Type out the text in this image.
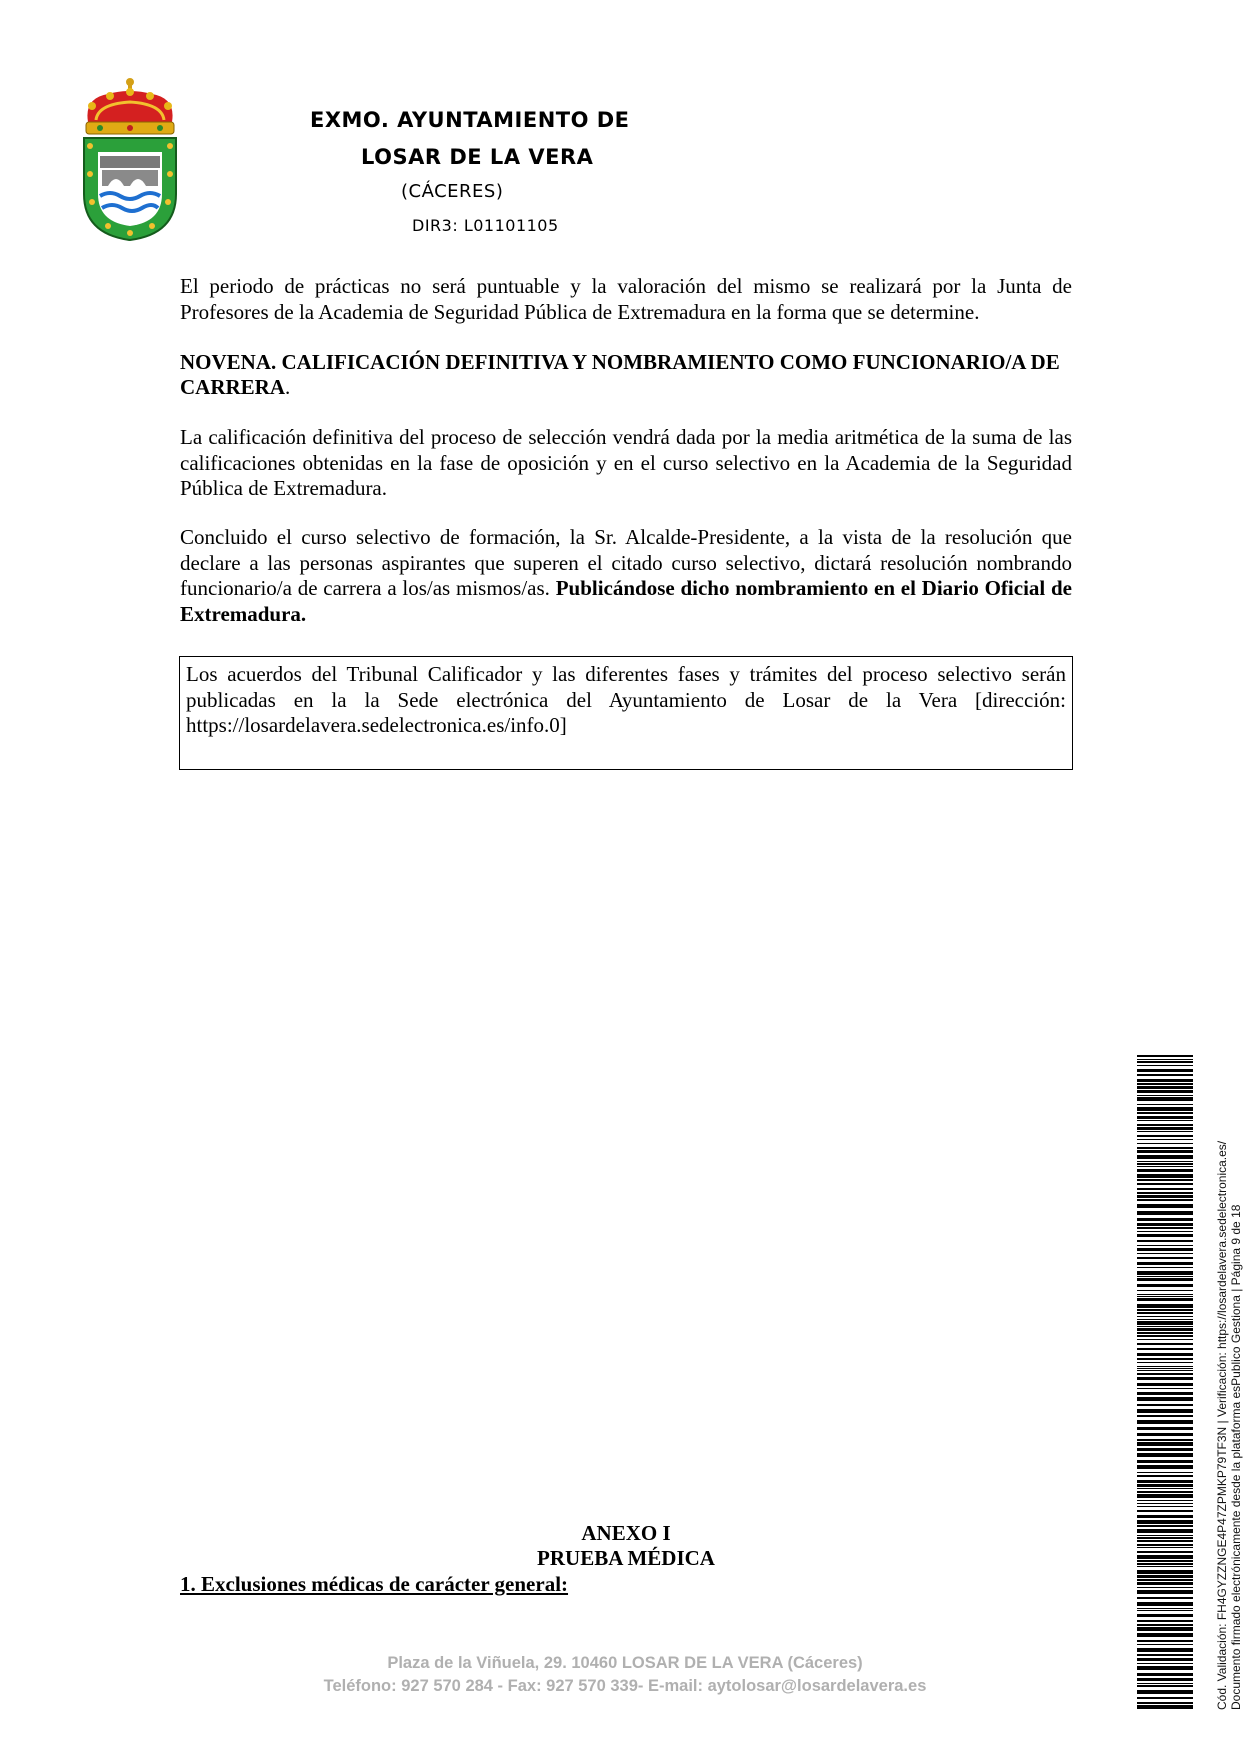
EXMO. AYUNTAMIENTO DE
LOSAR DE LA VERA
(CÁCERES)
DIR3: L01101105
El periodo de prácticas no será puntuable y la valoración del mismo se realizará por la Junta de Profesores de la Academia de Seguridad Pública de Extremadura en la forma que se determine.
NOVENA. CALIFICACIÓN DEFINITIVA Y NOMBRAMIENTO COMO FUNCIONARIO/A DE CARRERA.
La calificación definitiva del proceso de selección vendrá dada por la media aritmética de la suma de las calificaciones obtenidas en la fase de oposición y en el curso selectivo en la Academia de la Seguridad Pública de Extremadura.
Concluido el curso selectivo de formación, la Sr. Alcalde-Presidente, a la vista de la resolución que declare a las personas aspirantes que superen el citado curso selectivo, dictará resolución nombrando funcionario/a de carrera a los/as mismos/as. Publicándose dicho nombramiento en el Diario Oficial de Extremadura.
Los acuerdos del Tribunal Calificador y las diferentes fases y trámites del proceso selectivo serán publicadas en la la Sede electrónica del Ayuntamiento de Losar de la Vera [dirección: https://losardelavera.sedelectronica.es/info.0]
ANEXO I
PRUEBA MÉDICA
1. Exclusiones médicas de carácter general:
Plaza de la Viñuela, 29. 10460 LOSAR DE LA VERA (Cáceres)
Teléfono: 927 570 284 - Fax: 927 570 339- E-mail: aytolosar@losardelavera.es	Cód. Validación: FH4GYZZNGE4P47ZPMKP79TF3N | Verificación: https://losardelavera.sedelectronica.es/ Documento firmado electrónicamente desde la plataforma esPublico Gestiona | Página 9 de 18
